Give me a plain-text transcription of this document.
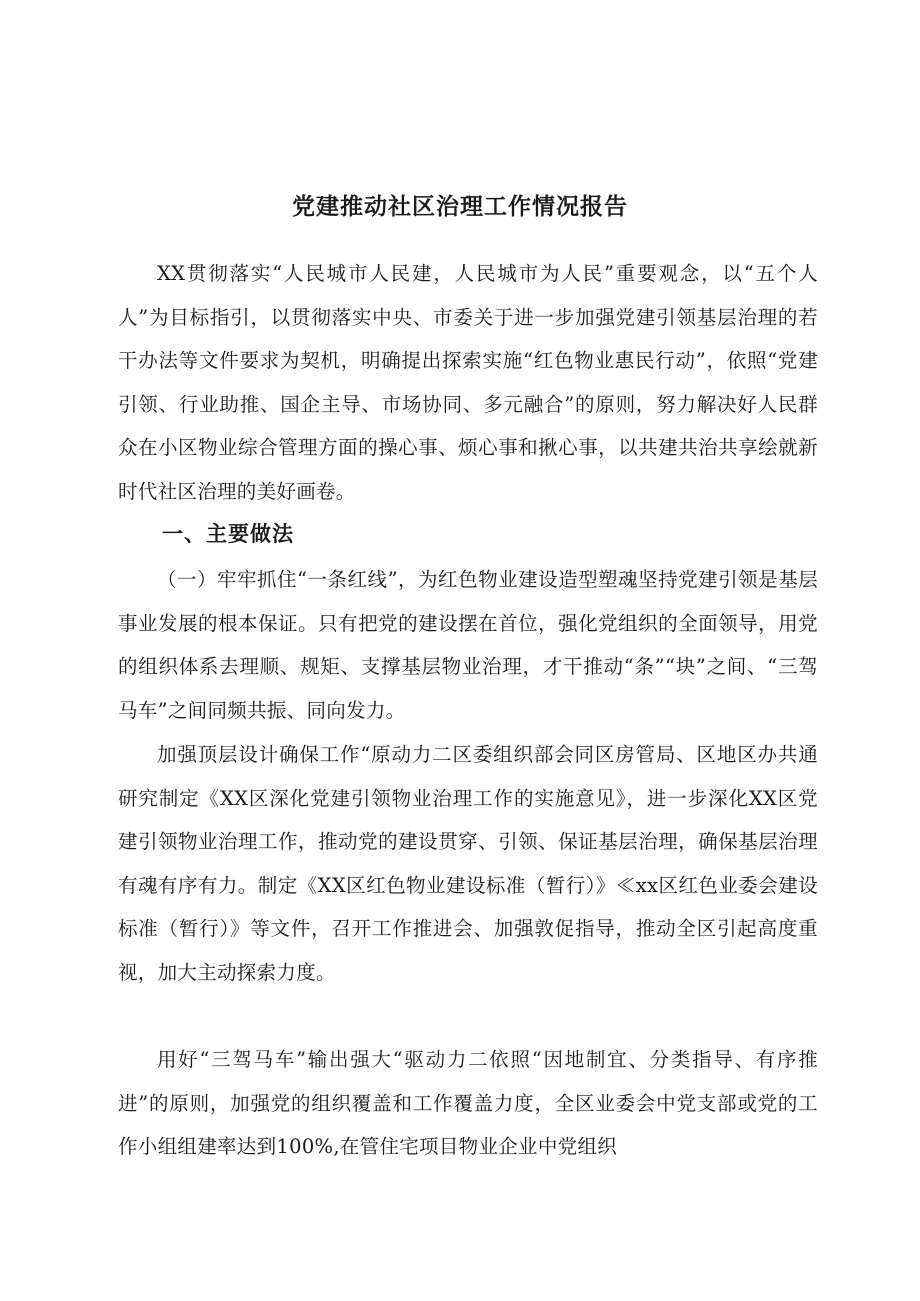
党建推动社区治理工作情况报告

XX贯彻落实“人民城市人民建，人民城市为人民”重要观念，以“五个人人”为目标指引，以贯彻落实中央、市委关于进一步加强党建引领基层治理的若干办法等文件要求为契机，明确提出探索实施“红色物业惠民行动”，依照“党建引领、行业助推、国企主导、市场协同、多元融合”的原则，努力解决好人民群众在小区物业综合管理方面的操心事、烦心事和揪心事，以共建共治共享绘就新时代社区治理的美好画卷。

一、主要做法

（一）牢牢抓住“一条红线”，为红色物业建设造型塑魂坚持党建引领是基层事业发展的根本保证。只有把党的建设摆在首位，强化党组织的全面领导，用党的组织体系去理顺、规矩、支撑基层物业治理，才干推动“条”“块”之间、“三驾马车”之间同频共振、同向发力。

加强顶层设计确保工作“原动力二区委组织部会同区房管局、区地区办共通研究制定《XX区深化党建引领物业治理工作的实施意见》，进一步深化XX区党建引领物业治理工作，推动党的建设贯穿、引领、保证基层治理，确保基层治理有魂有序有力。制定《XX区红色物业建设标准（暂行）》≪xx区红色业委会建设标准（暂行）》等文件，召开工作推进会、加强敦促指导，推动全区引起高度重视，加大主动探索力度。

用好“三驾马车”输出强大“驱动力二依照“因地制宜、分类指导、有序推进”的原则，加强党的组织覆盖和工作覆盖力度，全区业委会中党支部或党的工作小组组建率达到100%,在管住宅项目物业企业中党组织
